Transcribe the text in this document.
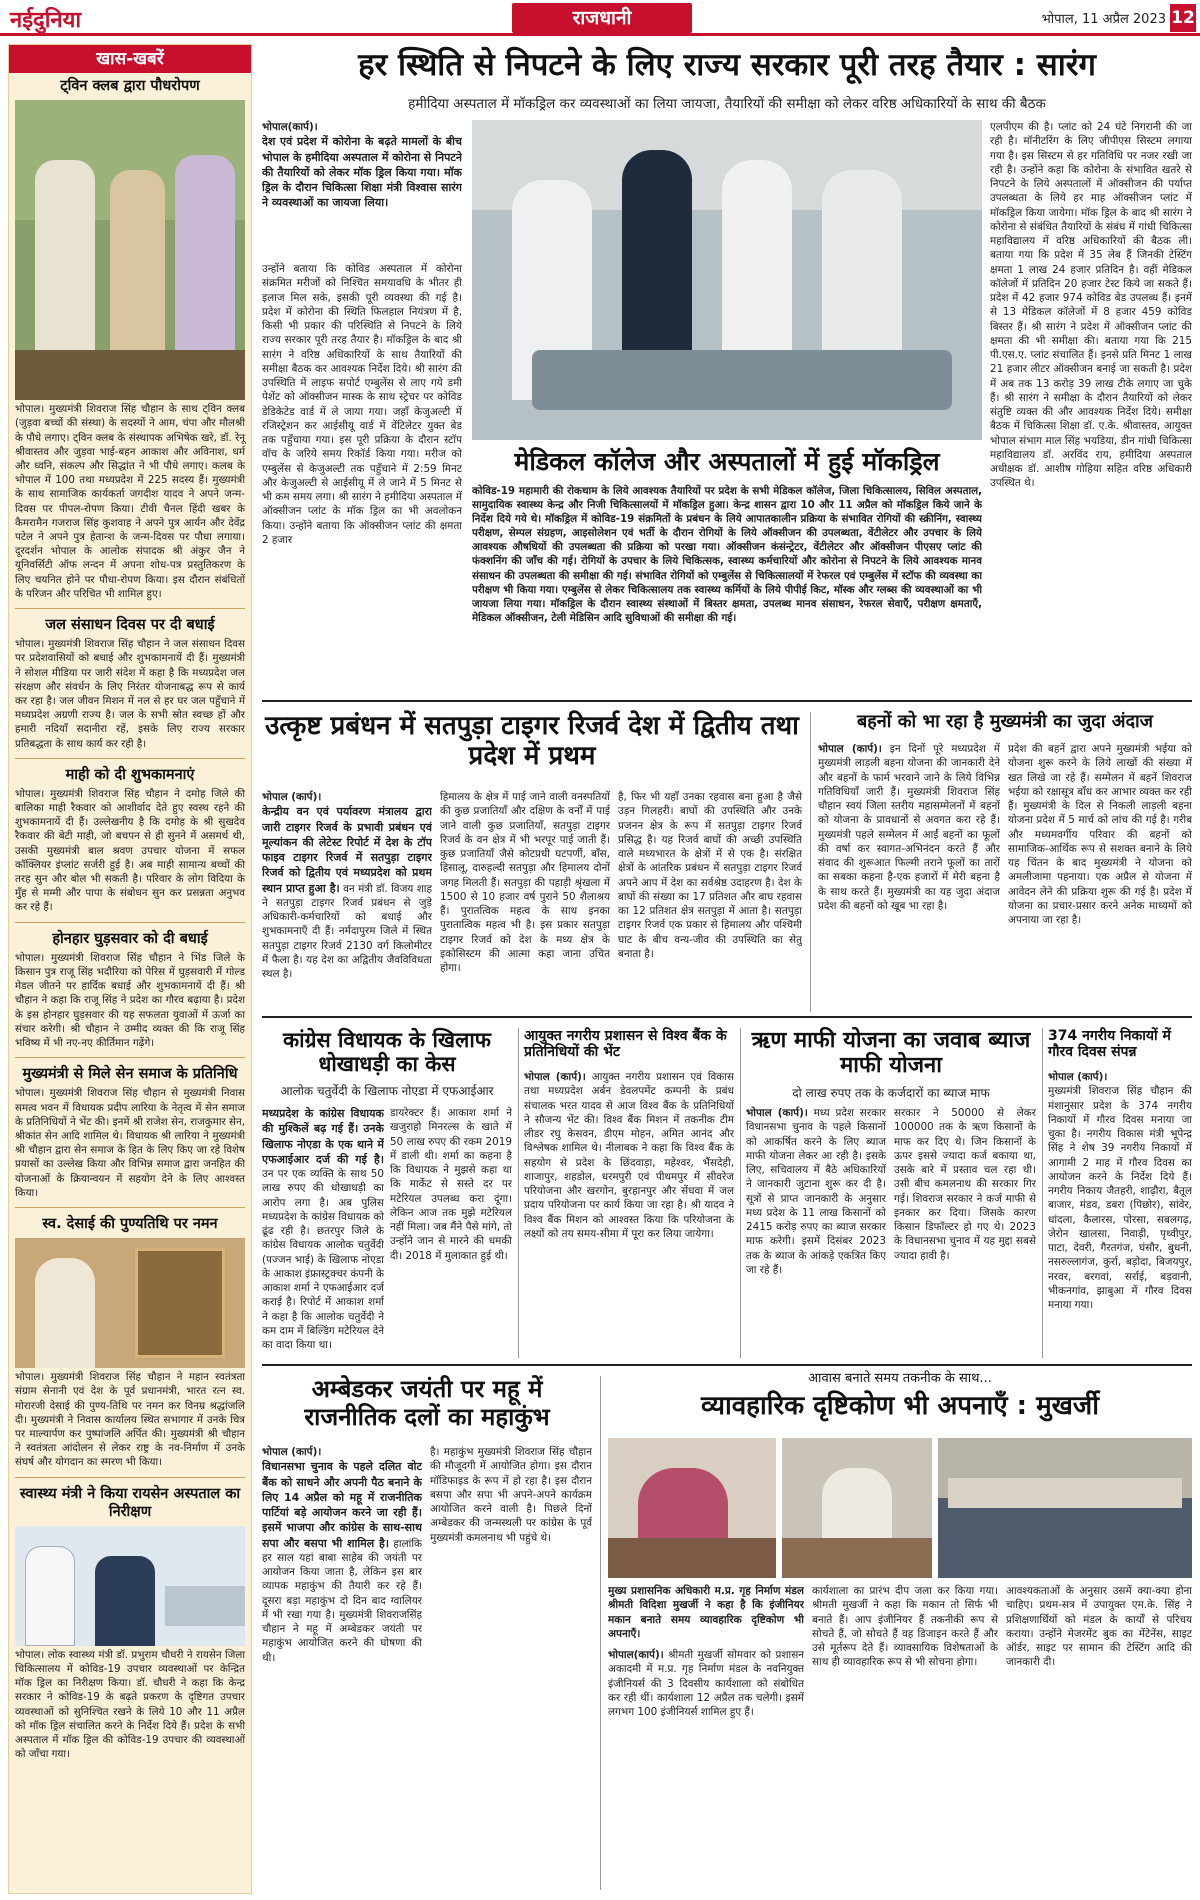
नईदुनिया	राजधानी	भोपाल, 11 अप्रैल 2023 12
खास-खबरें
ट्विन क्लब द्वारा पौधरोपण
भोपाल। मुख्यमंत्री शिवराज सिंह चौहान के साथ ट्विन क्लब (जुड़वा बच्चों की संस्था) के सदस्यों ने आम, चंपा और मौलश्री के पौधे लगाए। ट्विन क्लब के संस्थापक अभिषेक खरे, डॉ. रेनू श्रीवास्तव और जुड़वा भाई-बहन आकाश और अविनाश, धर्म और ध्वनि, संकल्प और सिद्धांत ने भी पौधे लगाए। कलब के भोपाल में 100 तथा मध्यप्रदेश में 225 सदस्य हैं। मुख्यमंत्री के साथ सामाजिक कार्यकर्ता जगदीश यादव ने अपने जन्म-दिवस पर पीपल-रोपण किया। टीवी चैनल हिंदी खबर के कैमरामैन गजराज सिंह कुशवाह ने अपने पुत्र आर्यन और देवेंद्र पटेल ने अपने पुत्र हेतान्श के जन्म-दिवस पर पौधा लगाया। दूरदर्शन भोपाल के आलोक संपादक श्री अंकुर जैन ने यूनिवर्सिटी ऑफ लन्दन में अपना शोध-पत्र प्रस्तुतिकरण के लिए चयनित होने पर पौधा-रोपण किया। इस दौरान संबंधितों के परिजन और परिचित भी शामिल हुए।
जल संसाधन दिवस पर दी बधाई
भोपाल। मुख्यमंत्री शिवराज सिंह चौहान ने जल संसाधन दिवस पर प्रदेशवासियों को बधाई और शुभकामनायें दी हैं। मुख्यमंत्री ने सोशल मीडिया पर जारी संदेश में कहा है कि मध्यप्रदेश जल संरक्षण और संवर्धन के लिए निरंतर योजनाबद्ध रूप से कार्य कर रहा है। जल जीवन मिशन में नल से हर घर जल पहुँचाने में मध्यप्रदेश अग्रणी राज्य है। जल के सभी स्रोत स्वच्छ हों और हमारी नदियाँ सदानीरा रहें, इसके लिए राज्य सरकार प्रतिबद्धता के साथ कार्य कर रही है।
माही को दी शुभकामनाएं
भोपाल। मुख्यमंत्री शिवराज सिंह चौहान ने दमोह जिले की बालिका माही रैकवार को आशीर्वाद देते हुए स्वस्थ रहने की शुभकामनायें दी हैं। उल्लेखनीय है कि दमोह के श्री सुखदेव रैकवार की बेटी माही, जो बचपन से ही सुनने में असमर्थ थी, उसकी मुख्यमंत्री बाल श्रवण उपचार योजना में सफल कॉक्लियर इंप्लांट सर्जरी हुई है। अब माही सामान्य बच्चों की तरह सुन और बोल भी सकती है। परिवार के लोग विदिया के मुँह से मम्मी और पापा के संबोधन सुन कर प्रसन्नता अनुभव कर रहे हैं।
होनहार घुड़सवार को दी बधाई
भोपाल। मुख्यमंत्री शिवराज सिंह चौहान ने भिंड जिले के किसान पुत्र राजू सिंह भदौरिया को पेरिस में घुड़सवारी में गोल्ड मेडल जीतने पर हार्दिक बधाई और शुभकामनायें दी हैं। श्री चौहान ने कहा कि राजू सिंह ने प्रदेश का गौरव बढ़ाया है। प्रदेश के इस होनहार घुड़सवार की यह सफलता युवाओं में ऊर्जा का संचार करेगी। श्री चौहान ने उम्मीद व्यक्त की कि राजू सिंह भविष्य में भी नए-नए कीर्तिमान गढ़ेंगे।
मुख्यमंत्री से मिले सेन समाज के प्रतिनिधि
भोपाल। मुख्यमंत्री शिवराज सिंह चौहान से मुख्यमंत्री निवास समत्व भवन में विधायक प्रदीप लारिया के नेतृत्व में सेन समाज के प्रतिनिधियों ने भेंट की। इनमें श्री राजेश सेन, राजकुमार सेन, श्रीकांत सेन आदि शामिल थे। विधायक श्री लारिया ने मुख्यमंत्री श्री चौहान द्वारा सेन समाज के हित के लिए किए जा रहे विशेष प्रयासों का उल्लेख किया और विभिन्न समाज द्वारा जनहित की योजनाओं के क्रियान्वयन में सहयोग देने के लिए आश्वस्त किया।
स्व. देसाई की पुण्यतिथि पर नमन
भोपाल। मुख्यमंत्री शिवराज सिंह चौहान ने महान स्वतंत्रता संग्राम सेनानी एवं देश के पूर्व प्रधानमंत्री, भारत रत्न स्व. मोरारजी देसाई की पुण्य-तिथि पर नमन कर विनम्र श्रद्धांजलि दी। मुख्यमंत्री ने निवास कार्यालय स्थित सभागार में उनके चित्र पर माल्यार्पण कर पुष्पांजलि अर्पित की। मुख्यमंत्री श्री चौहान ने स्वतंत्रता आंदोलन से लेकर राष्ट्र के नव-निर्माण में उनके संघर्ष और योगदान का स्मरण भी किया।
स्वास्थ्य मंत्री ने किया रायसेन अस्पताल का निरीक्षण
भोपाल। लोक स्वास्थ्य मंत्री डॉ. प्रभुराम चौधरी ने रायसेन जिला चिकित्सालय में कोविड-19 उपचार व्यवस्थाओं पर केन्द्रित मॉक ड्रिल का निरीक्षण किया। डॉ. चौधरी ने कहा कि केन्द्र सरकार ने कोविड-19 के बढ़ते प्रकरण के दृष्टिगत उपचार व्यवस्थाओं को सुनिश्चित रखने के लिये 10 और 11 अप्रैल को मॉक ड्रिल संचालित करने के निर्देश दिये हैं। प्रदेश के सभी अस्पताल में मॉक ड्रिल की कोविड-19 उपचार की व्यवस्थाओं को जाँचा गया।
हर स्थिति से निपटने के लिए राज्य सरकार पूरी तरह तैयार : सारंग
हमीदिया अस्पताल में मॉकड्रिल कर व्यवस्थाओं का लिया जायजा, तैयारियों की समीक्षा को लेकर वरिष्ठ अधिकारियों के साथ की बैठक
भोपाल(कार्प)।
देश एवं प्रदेश में कोरोना के बढ़ते मामलों के बीच भोपाल के हमीदिया अस्पताल में कोरोना से निपटने की तैयारियों को लेकर मॉक ड्रिल किया गया। मॉक ड्रिल के दौरान चिकित्सा शिक्षा मंत्री विश्वास सारंग ने व्यवस्थाओं का जायजा लिया।
उन्होंने बताया कि कोविड अस्पताल में कोरोना संक्रमित मरीजों को निश्चित समयावधि के भीतर ही इलाज मिल सके, इसकी पूरी व्यवस्था की गई है। प्रदेश में कोरोना की स्थिति फिलहाल नियंत्रण में है, किसी भी प्रकार की परिस्थिति से निपटने के लिये राज्य सरकार पूरी तरह तैयार है। मॉकड्रिल के बाद श्री सारंग ने वरिष्ठ अधिकारियों के साथ तैयारियों की समीक्षा बैठक कर आवश्यक निर्देश दिये। श्री सारंग की उपस्थिति में लाइफ सपोर्ट एम्बुलेंस से लाए गये डमी पेशेंट को ऑक्सीजन मास्क के साथ स्ट्रेचर पर कोविड डेडिकेटेड वार्ड में ले जाया गया। जहाँ केजुअल्टी में रजिस्ट्रेशन कर आईसीयू वार्ड में वेंटिलेटर युक्त बेड तक पहुँचाया गया। इस पूरी प्रक्रिया के दौरान स्टॉप वॉच के जरिये समय रिकॉर्ड किया गया। मरीज को एम्बुलेंस से केजुअल्टी तक पहुँचाने में 2:59 मिनट और केजुअल्टी से आईसीयू में ले जाने में 5 मिनट से भी कम समय लगा। श्री सारंग ने हमीदिया अस्पताल में ऑक्सीजन प्लांट के मॉक ड्रिल का भी अवलोकन किया। उन्होंने बताया कि ऑक्सीजन प्लांट की क्षमता 2 हजार
मेडिकल कॉलेज और अस्पतालों में हुई मॉकड्रिल
एलपीएम की है। प्लांट को 24 घंटे निगरानी की जा रही है। मॉनीटरिंग के लिए जीपीएस सिस्टम लगाया गया है। इस सिस्टम से हर गतिविधि पर नजर रखी जा रही है। उन्होंने कहा कि कोरोना के संभावित खतरे से निपटने के लिये अस्पतालों में ऑक्सीजन की पर्याप्त उपलब्धता के लिये हर माह ऑक्सीजन प्लांट में मॉकड्रिल किया जायेगा। मॉक ड्रिल के बाद श्री सारंग ने कोरोना से संबंधित तैयारियों के संबंध में गांधी चिकित्सा महाविद्यालय में वरिष्ठ अधिकारियों की बैठक ली। बताया गया कि प्रदेश में 35 लेब हैं जिनकी टेस्टिंग क्षमता 1 लाख 24 हजार प्रतिदिन है। वहीं मेडिकल कॉलेजों में प्रतिदिन 20 हजार टेस्ट किये जा सकते हैं। प्रदेश में 42 हजार 974 कोविड बेड उपलब्ध हैं। इनमें से 13 मेडिकल कॉलेजों में 8 हजार 459 कोविड बिस्तर हैं। श्री सारंग ने प्रदेश में ऑक्सीजन प्लांट की क्षमता की भी समीक्षा की। बताया गया कि 215 पी.एस.ए. प्लांट संचालित हैं। इनसे प्रति मिनट 1 लाख 21 हजार लीटर ऑक्सीजन बनाई जा सकती है। प्रदेश में अब तक 13 करोड़ 39 लाख टीके लगाए जा चुके हैं। श्री सारंग ने समीक्षा के दौरान तैयारियों को लेकर संतुष्टि व्यक्त की और आवश्यक निर्देश दिये। समीक्षा बैठक में चिकित्सा शिक्षा डॉ. ए.के. श्रीवास्तव, आयुक्त भोपाल संभाग माल सिंह भयडिया, डीन गांधी चिकित्सा महाविद्यालय डॉ. अरविंद राय, हमीदिया अस्पताल अधीक्षक डॉ. आशीष गोहिया सहित वरिष्ठ अधिकारी उपस्थित थे।
कोविड-19 महामारी की रोकथाम के लिये आवश्यक तैयारियों पर प्रदेश के सभी मेडिकल कॉलेज, जिला चिकित्सालय, सिविल अस्पताल, सामुदायिक स्वास्थ्य केन्द्र और निजी चिकित्सालयों में मॉकड्रिल हुआ। केन्द्र शासन द्वारा 10 और 11 अप्रैल को मॉकड्रिल किये जाने के निर्देश दिये गये थे। मॉकड्रिल में कोविड-19 संक्रमितों के प्रबंधन के लिये आपातकालीन प्रक्रिया के संभावित रोगियों की स्क्रीनिंग, स्वास्थ्य परीक्षण, सेम्पल संग्रहण, आइसोलेशन एवं भर्ती के दौरान रोगियों के लिये ऑक्सीजन की उपलब्धता, वेंटीलेटर और उपचार के लिये आवश्यक औषधियों की उपलब्धता की प्रक्रिया को परखा गया। ऑक्सीजन कंसंन्ट्रेटर, वेंटीलेटर और ऑक्सीजन पीएसए प्लांट की फंक्शनिंग की जाँच की गई। रोगियों के उपचार के लिये चिकित्सक, स्वास्थ्य कर्मचारियों और कोरोना से निपटने के लिये आवश्यक मानव संसाधन की उपलब्धता की समीक्षा की गई। संभावित रोगियों को एम्बुलेंस से चिकित्सालयों में रेफरल एवं एम्बुलेंस में स्टॉफ की व्यवस्था का परीक्षण भी किया गया। एम्बुलेंस से लेकर चिकित्सालय तक स्वास्थ्य कर्मियों के लिये पीपीई किट, मॉस्क और ग्लब्स की व्यवस्थाओं का भी जायजा लिया गया। मॉकड्रिल के दौरान स्वास्थ्य संस्थाओं में बिस्तर क्षमता, उपलब्ध मानव संसाधन, रेफरल सेवाएँ, परीक्षण क्षमताएँ, मेडिकल ऑक्सीजन, टेली मेडिसिन आदि सुविधाओं की समीक्षा की गई।
उत्कृष्ट प्रबंधन में सतपुड़ा टाइगर रिजर्व देश में द्वितीय तथा प्रदेश में प्रथम
भोपाल (कार्प)।
केन्द्रीय वन एवं पर्यावरण मंत्रालय द्वारा जारी टाइगर रिजर्व के प्रभावी प्रबंधन एवं मूल्यांकन की लेटेस्ट रिपोर्ट में देश के टॉप फाइव टाइगर रिजर्व में सतपुड़ा टाइगर रिजर्व को द्वितीय एवं मध्यप्रदेश को प्रथम स्थान प्राप्त हुआ है। वन मंत्री डॉ. विजय शाह ने सतपुड़ा टाइगर रिजर्व प्रबंधन से जुड़े अधिकारी-कर्मचारियों को बधाई और शुभकामनाएँ दी हैं। नर्मदापुरम जिले में स्थित सतपुड़ा टाइगर रिजर्व 2130 वर्ग किलोमीटर में फैला है। यह देश का अद्वितीय जैवविविधता स्थल है।
हिमालय के क्षेत्र में पाई जाने वाली वनस्पतियों की कुछ प्रजातियाँ और दक्षिण के वर्नों में पाई जाने वाली कुछ प्रजातियाँ, सतपुड़ा टाइगर रिजर्व के वन क्षेत्र में भी भरपूर पाई जाती हैं। कुछ प्रजातियाँ जैसे कोटप्रधी घटपर्णी, बाँस, हिसालू, दारुहल्दी सतपुड़ा और हिमालय दोनों जगह मिलती हैं। सतपुड़ा की पहाड़ी श्रृंखला में 1500 से 10 हजार वर्ष पुराने 50 शैलाश्रय हैं। पुरातत्विक महत्व के साथ इनका पुरातात्विक महत्व भी है। इस प्रकार सतपुड़ा टाइगर रिजर्व को देश के मध्य क्षेत्र के इकोसिस्टम की आत्मा कहा जाना उचित होगा।
है, फिर भी यहाँ उनका रहवास बना हुआ है जैसे उड़न गिलहरी। बाघों की उपस्थिति और उनके प्रजनन क्षेत्र के रूप में सतपुड़ा टाइगर रिजर्व प्रसिद्ध है। यह रिजर्व बाघों की अच्छी उपस्थिति वाले मध्यभारत के क्षेत्रों में से एक है। संरक्षित क्षेत्रों के आंतरिक प्रबंधन में सतपुड़ा टाइगर रिजर्व अपने आप में देश का सर्वश्रेष्ठ उदाहरण है। देश के बाघों की संख्या का 17 प्रतिशत और बाघ रहवास का 12 प्रतिशत क्षेत्र सतपुड़ा में आता है। सतपुड़ा टाइगर रिजर्व एक प्रकार से हिमालय और पश्चिमी घाट के बीच वन्य-जीव की उपस्थिति का सेतु बनाता है।
बहनों को भा रहा है मुख्यमंत्री का जुदा अंदाज
भोपाल (कार्प)। इन दिनों पूरे मध्यप्रदेश में मुख्यमंत्री लाड़ली बहना योजना की जानकारी देने और बहनों के फार्म भरवाने जाने के लिये विभिन्न गतिविधियाँ जारी हैं। मुख्यमंत्री शिवराज सिंह चौहान स्वयं जिला स्तरीय महासम्मेलनों में बहनों को योजना के प्रावधानों से अवगत करा रहे हैं। मुख्यमंत्री पहले सम्मेलन में आईं बहनों का फूलों की वर्षा कर स्वागत-अभिनंदन करते हैं और संवाद की शुरूआत फिल्मी तराने फूलों का तारों का सबका कहना है-एक हजारों में मेरी बहना है के साथ करते हैं। मुख्यमंत्री का यह जुदा अंदाज प्रदेश की बहनों को खूब भा रहा है।
प्रदेश की बहनें द्वारा अपने मुख्यमंत्री भईया को योजना शुरू करने के लिये लाखों की संख्या में खत लिखे जा रहे हैं। सम्मेलन में बहनें शिवराज भईया को रक्षासूत्र बाँध कर आभार व्यक्त कर रही हैं। मुख्यमंत्री के दिल से निकली लाड़ली बहना योजना प्रदेश में 5 मार्च को लांच की गई है। गरीब और मध्यमवर्गीय परिवार की बहनों को सामाजिक-आर्थिक रूप से सशक्त बनाने के लिये यह चिंतन के बाद मुख्यमंत्री ने योजना को अमलीजामा पहनाया। एक अप्रैल से योजना में आवेदन लेने की प्रक्रिया शुरू की गई है। प्रदेश में योजना का प्रचार-प्रसार करने अनेक माध्यमों को अपनाया जा रहा है।
कांग्रेस विधायक के खिलाफ धोखाधड़ी का केस
आलोक चतुर्वेदी के खिलाफ नोएडा में एफआईआर
मध्यप्रदेश के कांग्रेस विधायक की मुश्किलें बढ़ गई हैं। उनके खिलाफ नोएडा के एक थाने में एफआईआर दर्ज की गई है। उन पर एक व्यक्ति के साथ 50 लाख रुपए की धोखाधड़ी का आरोप लगा है। अब पुलिस मध्यप्रदेश के कांग्रेस विधायक को ढूंढ रही है। छतरपुर जिले के कांग्रेस विधायक आलोक चतुर्वेदी (पज्जन भाई) के खिलाफ नोएडा के आकाश इंफ्रास्ट्रक्चर कंपनी के आकाश शर्मा ने एफआईआर दर्ज कराई है। रिपोर्ट में आकाश शर्मा ने कहा है कि आलोक चतुर्वेदी ने कम दाम में बिल्डिंग मटेरियल देने का वादा किया था।
डायरेक्टर हैं। आकाश शर्मा ने खजुराहो मिनरल्स के खाते में 50 लाख रुपए की रकम 2019 में डाली थी। शर्मा का कहना है कि विधायक ने मुझसे कहा था कि मार्केट से सस्ते दर पर मटेरियल उपलब्ध करा दूंगा। लेकिन आज तक मुझे मटेरियल नहीं मिला। जब मैंने पैसे मांगे, तो उन्होंने जान से मारने की धमकी दी। 2018 में मुलाकात हुई थी।
आयुक्त नगरीय प्रशासन से विश्व बैंक के प्रतिनिधियों की भेंट
भोपाल (कार्प)। आयुक्त नगरीय प्रशासन एवं विकास तथा मध्यप्रदेश अर्बन डेवलपमेंट कम्पनी के प्रबंध संचालक भरत यादव से आज विश्व बैंक के प्रतिनिधियों ने सौजन्य भेंट की। विश्व बैंक मिशन में तकनीक टीम लीडर रघु केसवन, डीएम मोहन, अमित आनंद और विश्लेषक शामिल थे। नीलाबक ने कहा कि विश्व बैंक के सहयोग से प्रदेश के छिंदवाड़ा, महेश्वर, भैंसदेही, शाजापुर, शहडोल, धरमपुरी एवं पीथमपुर में सीवरेज परियोजना और खरगोन, बुरहानपुर और सेंधवा में जल प्रदाय परियोजना पर कार्य किया जा रहा है। श्री यादव ने विश्व बैंक मिशन को आश्वस्त किया कि परियोजना के लक्ष्यों को तय समय-सीमा में पूरा कर लिया जायेगा।
ऋण माफी योजना का जवाब ब्याज माफी योजना
दो लाख रुपए तक के कर्जदारों का ब्याज माफ
भोपाल (कार्प)। मध्य प्रदेश सरकार विधानसभा चुनाव के पहले किसानों को आकर्षित करने के लिए ब्याज माफी योजना लेकर आ रही है। इसके लिए, सचिवालय में बैठे अधिकारियों ने जानकारी जुटाना शुरू कर दी है। सूत्रों से प्राप्त जानकारी के अनुसार मध्य प्रदेश के 11 लाख किसानों को 2415 करोड़ रुपए का ब्याज सरकार माफ करेगी। इसमें दिसंबर 2023 तक के ब्याज के आंकड़े एकत्रित किए जा रहे हैं।
सरकार ने 50000 से लेकर 100000 तक के ऋण किसानों के माफ कर दिए थे। जिन किसानों के ऊपर इससे ज्यादा कर्ज बकाया था, उसके बारे में प्रस्ताव चल रहा थी। उसी बीच कमलनाथ की सरकार गिर गई। शिवराज सरकार ने कर्ज माफी से इनकार कर दिया। जिसके कारण किसान डिफॉल्टर हो गए थे। 2023 के विधानसभा चुनाव में यह मुद्दा सबसे ज्यादा हावी है।
374 नगरीय निकायों में गौरव दिवस संपन्न
भोपाल (कार्प)।
मुख्यमंत्री शिवराज सिंह चौहान की मंशानुसार प्रदेश के 374 नगरीय निकायों में गौरव दिवस मनाया जा चुका है। नगरीय विकास मंत्री भूपेन्द्र सिंह ने शेष 39 नगरीय निकायों में आगामी 2 माह में गौरव दिवस का आयोजन करने के निर्देश दिये हैं। नगरीय निकाय जैतहरी, शाढ़ौरा, बैतूल बाजार, मंडव, डबरा (पिछोर), सांवेर, धांदला, कैलारस, पोरसा, सबलगढ़, जेरोन खालसा, निवाड़ी, पृथ्वीपुर, पाटा, देवरी, गैरतगंज, घंसौर, बुधनी, नसरुल्लागंज, कुर्रा, बड़ोदा, बिजयपुर, नरवर, बरगवां, सर्राई, बड़वानी, भीकनगांव, झाबुआ में गौरव दिवस मनाया गया।
अम्बेडकर जयंती पर महू में राजनीतिक दलों का महाकुंभ
भोपाल (कार्प)।
विधानसभा चुनाव के पहले दलित वोट बैंक को साधने और अपनी पैठ बनाने के लिए 14 अप्रैल को महू में राजनीतिक पार्टियां बड़े आयोजन करने जा रही हैं। इसमें भाजपा और कांग्रेस के साथ-साथ सपा और बसपा भी शामिल है। हालांकि हर साल यहां बाबा साहेब की जयंती पर आयोजन किया जाता है, लेकिन इस बार व्यापक महाकुंभ की तैयारी कर रहे हैं। दूसरा बड़ा महाकुंभ दो दिन बाद ग्वालियर में भी रखा गया है। मुख्यमंत्री शिवराजसिंह चौहान ने महू में अम्बेडकर जयंती पर महाकुंभ आयोजित करने की घोषणा की थी।
है। महाकुंभ मुख्यमंत्री शिवराज सिंह चौहान की मौजूदगी में आयोजित होगा। इस दौरान मॉडिफाइड के रूप में हो रहा है। इस दौरान बसपा और सपा भी अपने-अपने कार्यक्रम आयोजित करने वाली है। पिछले दिनों अम्बेडकर की जन्मस्थली पर कांग्रेस के पूर्व मुख्यमंत्री कमलनाथ भी पहुंचे थे।
आवास बनाते समय तकनीक के साथ...
व्यावहारिक दृष्टिकोण भी अपनाएँ : मुखर्जी
मुख्य प्रशासनिक अधिकारी म.प्र. गृह निर्माण मंडल श्रीमती विदिशा मुखर्जी ने कहा है कि इंजीनियर मकान बनाते समय व्यावहारिक दृष्टिकोण भी अपनाएँ।
भोपाल(कार्प)। श्रीमती मुखर्जी सोमवार को प्रशासन अकादमी में म.प्र. गृह निर्माण मंडल के नवनियुक्त इंजीनियर्स की 3 दिवसीय कार्यशाला को संबोधित कर रही थीं। कार्यशाला 12 अप्रैल तक चलेगी। इसमें लगभग 100 इंजीनियर्स शामिल हुए हैं।
कार्यशाला का प्रारंभ दीप जला कर किया गया। श्रीमती मुखर्जी ने कहा कि मकान तो सिर्फ भी बनाते हैं। आप इंजीनियर हैं तकनीकी रूप से सोचते हैं, जो सोचते हैं वह डिजाइन करते हैं और उसे मूर्तरूप देते हैं। व्यावसायिक विशेषताओं के साथ ही व्यावहारिक रूप से भी सोचना होगा।
आवश्यकताओं के अनुसार उसमें क्या-क्या होना चाहिए। प्रथम-सत्र में उपायुक्त एम.के. सिंह ने प्रशिक्षणार्थियों को मंडल के कार्यों से परिचय कराया। उन्होंने मेजरमेंट बुक का मेंटेनेंस, साइट ऑर्डर, साइट पर सामान की टेस्टिंग आदि की जानकारी दी।
